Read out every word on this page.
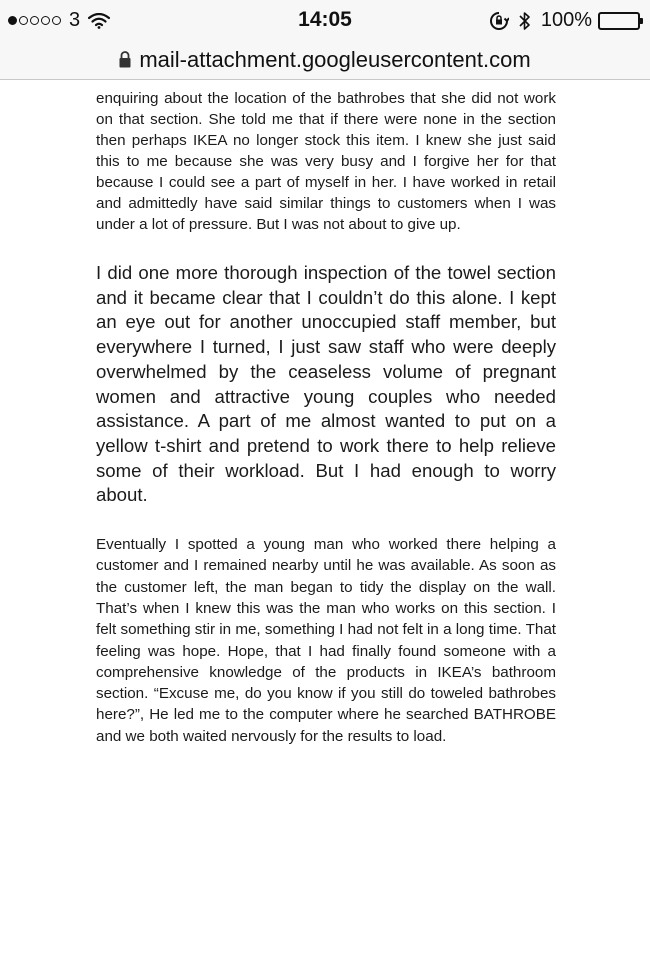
3	14:05	100%
mail-attachment.googleusercontent.com

enquiring about the location of the bathrobes that she did not work on that section. She told me that if there were none in the section then perhaps IKEA no longer stock this item. I knew she just said this to me because she was very busy and I forgive her for that because I could see a part of myself in her. I have worked in retail and admittedly have said similar things to customers when I was under a lot of pressure. But I was not about to give up.

I did one more thorough inspection of the towel section and it became clear that I couldn’t do this alone. I kept an eye out for another unoccupied staff member, but everywhere I turned, I just saw staff who were deeply overwhelmed by the ceaseless volume of pregnant women and attractive young couples who needed assistance. A part of me almost wanted to put on a yellow t-shirt and pretend to work there to help relieve some of their workload. But I had enough to worry about.

Eventually I spotted a young man who worked there helping a customer and I remained nearby until he was available. As soon as the customer left, the man began to tidy the display on the wall. That’s when I knew this was the man who works on this section. I felt something stir in me, something I had not felt in a long time. That feeling was hope. Hope, that I had finally found someone with a comprehensive knowledge of the products in IKEA’s bathroom section. “Excuse me, do you know if you still do toweled bathrobes here?”, He led me to the computer where he searched BATHROBE and we both waited nervously for the results to load.
